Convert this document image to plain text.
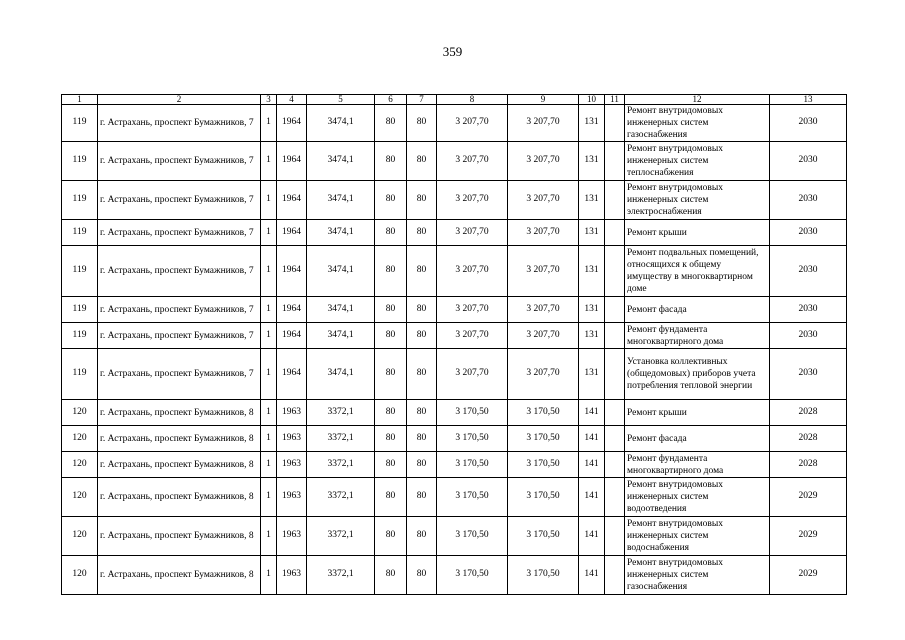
359
1	2	3	4	5	6	7	8	9	10	11	12	13
119	г. Астрахань, проспект Бумажников, 7	1	1964	3474,1	80	80	3 207,70	3 207,70	131		Ремонт внутридомовых инженерных систем газоснабжения	2030
119	г. Астрахань, проспект Бумажников, 7	1	1964	3474,1	80	80	3 207,70	3 207,70	131		Ремонт внутридомовых инженерных систем теплоснабжения	2030
119	г. Астрахань, проспект Бумажников, 7	1	1964	3474,1	80	80	3 207,70	3 207,70	131		Ремонт внутридомовых инженерных систем электроснабжения	2030
119	г. Астрахань, проспект Бумажников, 7	1	1964	3474,1	80	80	3 207,70	3 207,70	131		Ремонт крыши	2030
119	г. Астрахань, проспект Бумажников, 7	1	1964	3474,1	80	80	3 207,70	3 207,70	131		Ремонт подвальных помещений, относящихся к общему имуществу в многоквартирном доме	2030
119	г. Астрахань, проспект Бумажников, 7	1	1964	3474,1	80	80	3 207,70	3 207,70	131		Ремонт фасада	2030
119	г. Астрахань, проспект Бумажников, 7	1	1964	3474,1	80	80	3 207,70	3 207,70	131		Ремонт фундамента многоквартирного дома	2030
119	г. Астрахань, проспект Бумажников, 7	1	1964	3474,1	80	80	3 207,70	3 207,70	131		Установка коллективных (общедомовых) приборов учета потребления тепловой энергии	2030
120	г. Астрахань, проспект Бумажников, 8	1	1963	3372,1	80	80	3 170,50	3 170,50	141		Ремонт крыши	2028
120	г. Астрахань, проспект Бумажников, 8	1	1963	3372,1	80	80	3 170,50	3 170,50	141		Ремонт фасада	2028
120	г. Астрахань, проспект Бумажников, 8	1	1963	3372,1	80	80	3 170,50	3 170,50	141		Ремонт фундамента многоквартирного дома	2028
120	г. Астрахань, проспект Бумажников, 8	1	1963	3372,1	80	80	3 170,50	3 170,50	141		Ремонт внутридомовых инженерных систем водоотведения	2029
120	г. Астрахань, проспект Бумажников, 8	1	1963	3372,1	80	80	3 170,50	3 170,50	141		Ремонт внутридомовых инженерных систем водоснабжения	2029
120	г. Астрахань, проспект Бумажников, 8	1	1963	3372,1	80	80	3 170,50	3 170,50	141		Ремонт внутридомовых инженерных систем газоснабжения	2029
